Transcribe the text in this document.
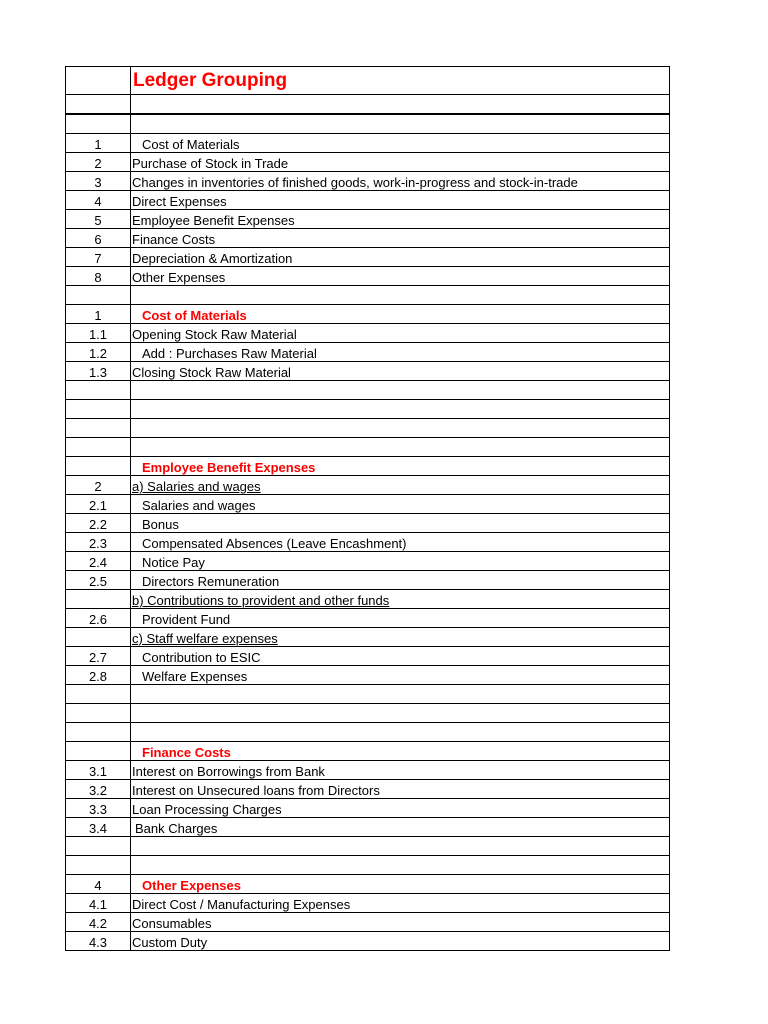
	Ledger Grouping

1	Cost of Materials
2	Purchase of Stock in Trade
3	Changes in inventories of finished goods, work-in-progress and stock-in-trade
4	Direct Expenses
5	Employee Benefit Expenses
6	Finance Costs
7	Depreciation & Amortization
8	Other Expenses

1	Cost of Materials
1.1	Opening Stock Raw Material
1.2	Add : Purchases Raw Material
1.3	Closing Stock Raw Material

	Employee Benefit Expenses
2	a) Salaries and wages
2.1	Salaries and wages
2.2	Bonus
2.3	Compensated Absences (Leave Encashment)
2.4	Notice Pay
2.5	Directors Remuneration
	b) Contributions to provident and other funds
2.6	Provident Fund
	c) Staff welfare expenses
2.7	Contribution to ESIC
2.8	Welfare Expenses

	Finance Costs
3.1	Interest on Borrowings from Bank
3.2	Interest on Unsecured loans from Directors
3.3	Loan Processing Charges
3.4	Bank Charges

4	Other Expenses
4.1	Direct Cost / Manufacturing Expenses
4.2	Consumables
4.3	Custom Duty
